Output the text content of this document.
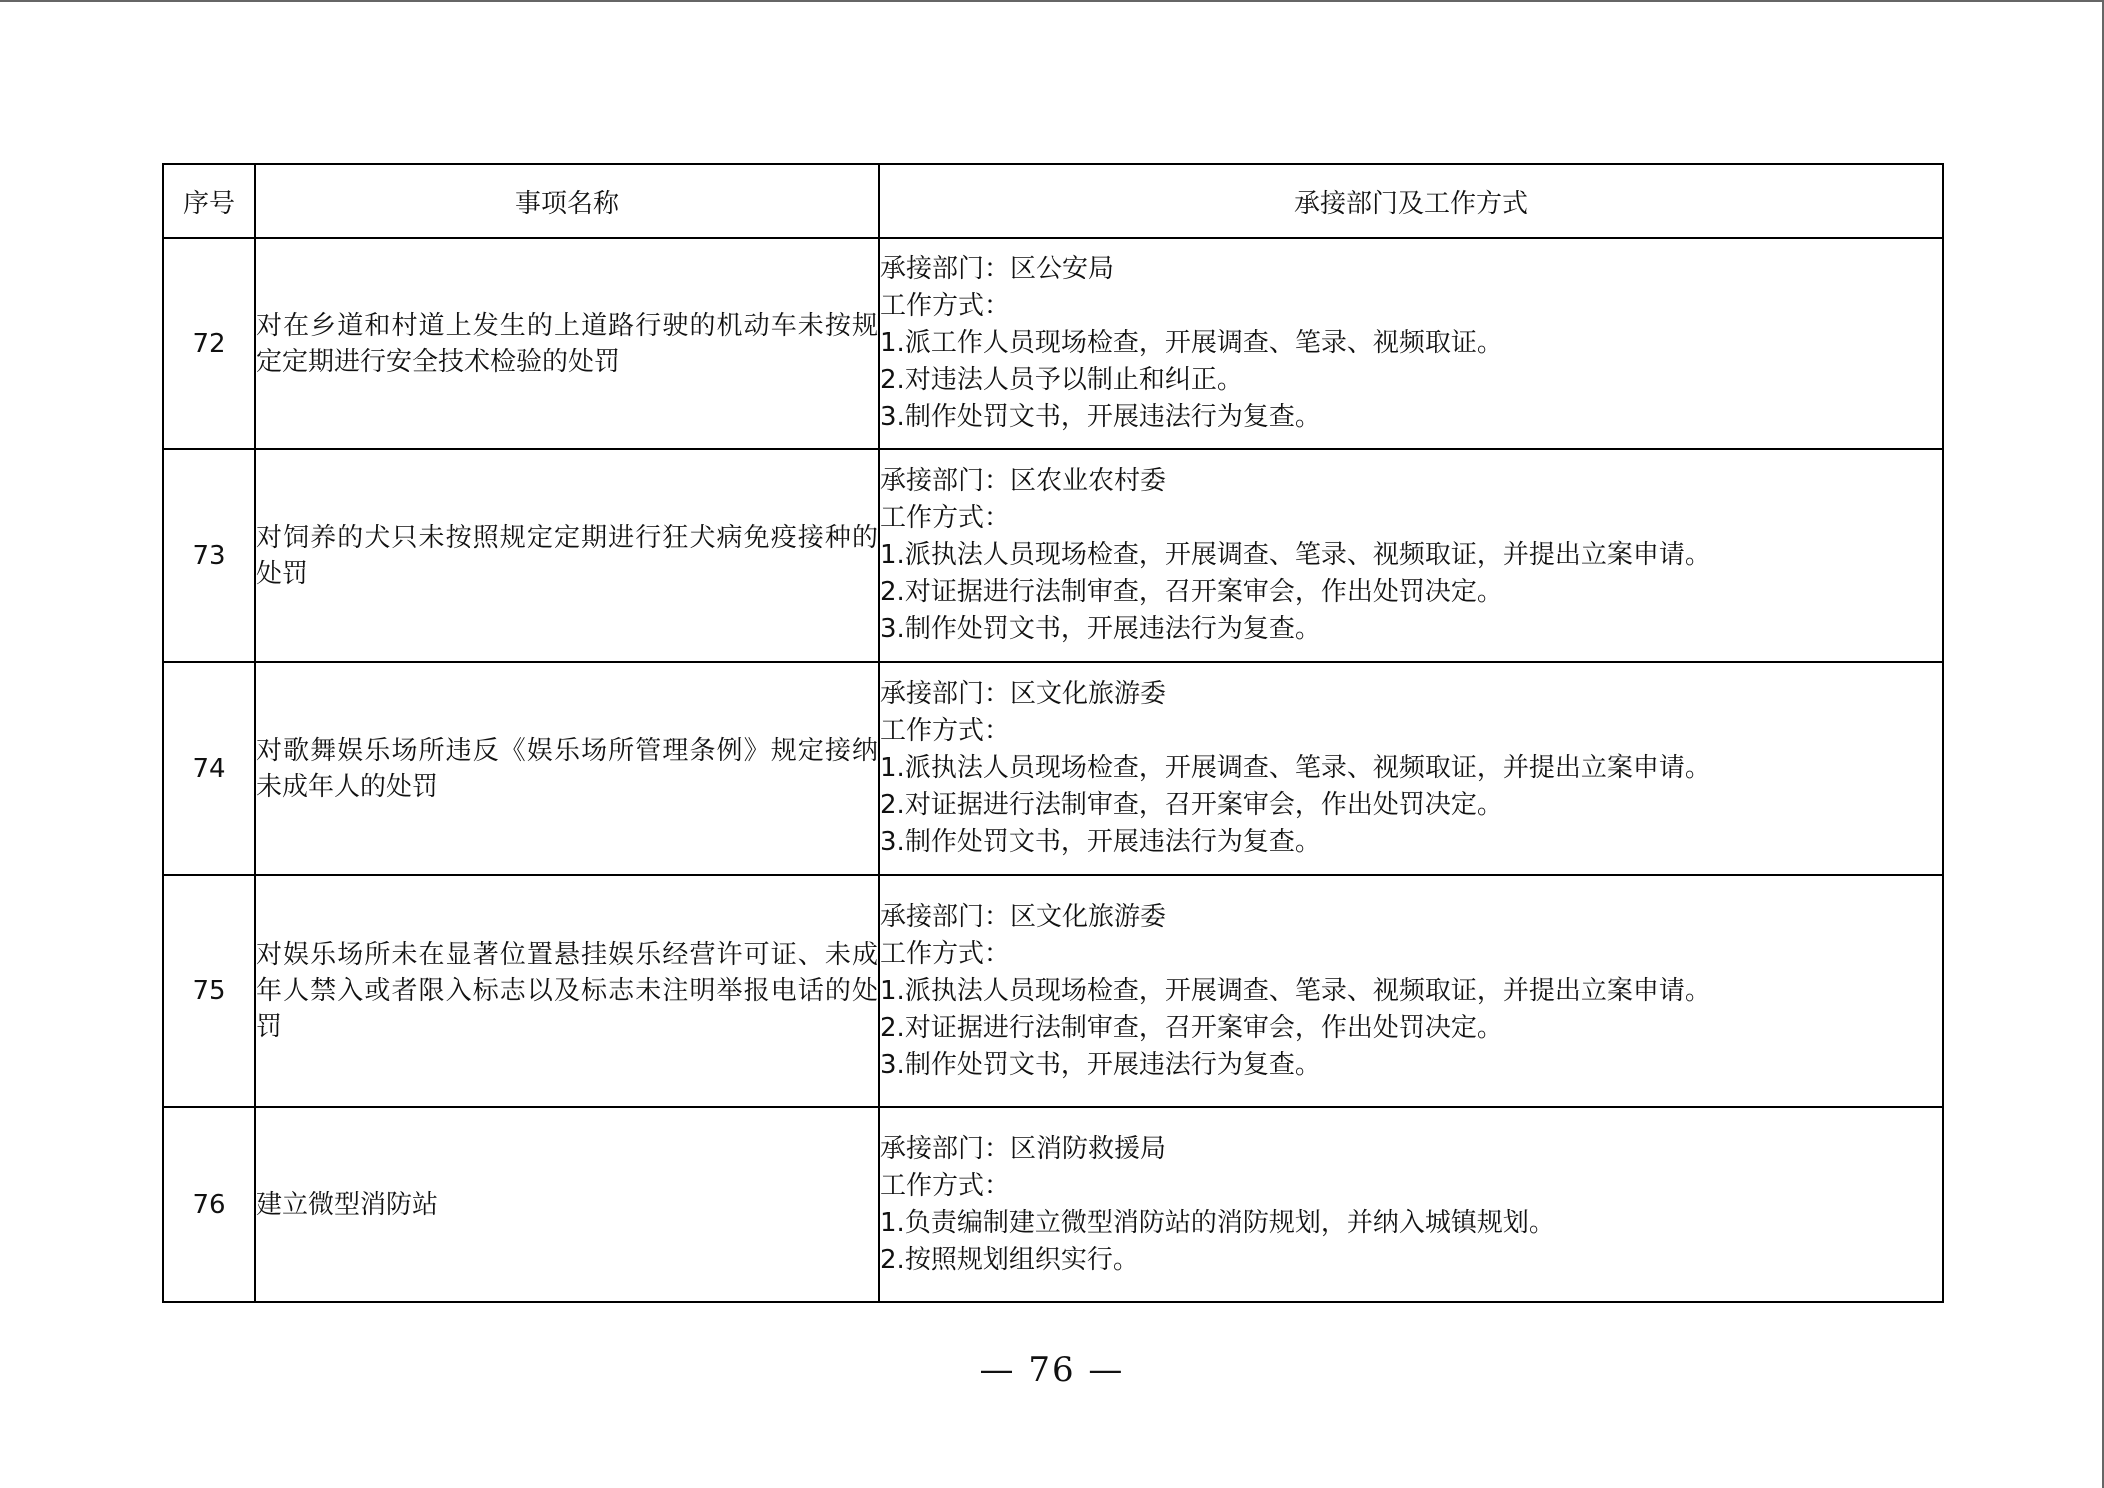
序号	事项名称	承接部门及工作方式
72	对在乡道和村道上发生的上道路行驶的机动车未按规定定期进行安全技术检验的处罚	承接部门：区公安局
工作方式：
1.派工作人员现场检查，开展调查、笔录、视频取证。
2.对违法人员予以制止和纠正。
3.制作处罚文书，开展违法行为复查。

73	对饲养的犬只未按照规定定期进行狂犬病免疫接种的处罚	承接部门：区农业农村委
工作方式：
1.派执法人员现场检查，开展调查、笔录、视频取证，并提出立案申请。
2.对证据进行法制审查，召开案审会，作出处罚决定。
3.制作处罚文书，开展违法行为复查。

74	对歌舞娱乐场所违反《娱乐场所管理条例》规定接纳未成年人的处罚	承接部门：区文化旅游委
工作方式：
1.派执法人员现场检查，开展调查、笔录、视频取证，并提出立案申请。
2.对证据进行法制审查，召开案审会，作出处罚决定。
3.制作处罚文书，开展违法行为复查。

75	对娱乐场所未在显著位置悬挂娱乐经营许可证、未成年人禁入或者限入标志以及标志未注明举报电话的处罚	承接部门：区文化旅游委
工作方式：
1.派执法人员现场检查，开展调查、笔录、视频取证，并提出立案申请。
2.对证据进行法制审查，召开案审会，作出处罚决定。
3.制作处罚文书，开展违法行为复查。

76	建立微型消防站	承接部门：区消防救援局
工作方式：
1.负责编制建立微型消防站的消防规划，并纳入城镇规划。
2.按照规划组织实行。
— 76 —
